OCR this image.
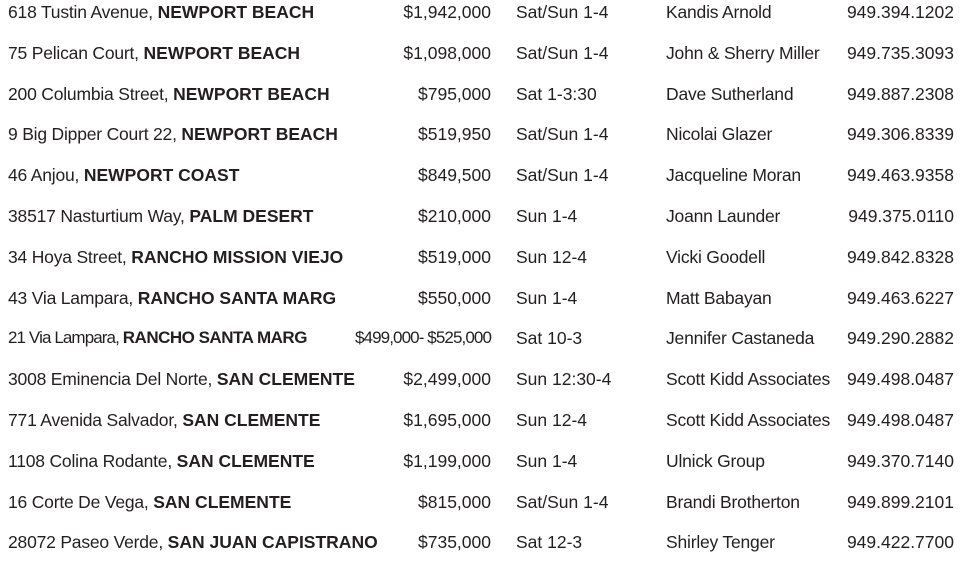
618 Tustin Avenue, NEWPORT BEACH	$1,942,000 Sat/Sun 1-4	Kandis Arnold	949.394.1202
75 Pelican Court, NEWPORT BEACH	$1,098,000 Sat/Sun 1-4	John & Sherry Miller 949.735.3093
200 Columbia Street, NEWPORT BEACH	$795,000 Sat 1-3:30	Dave Sutherland	949.887.2308
9 Big Dipper Court 22, NEWPORT BEACH	$519,950 Sat/Sun 1-4	Nicolai Glazer	949.306.8339
46 Anjou, NEWPORT COAST	$849,500 Sat/Sun 1-4	Jacqueline Moran	949.463.9358
38517 Nasturtium Way, PALM DESERT	$210,000 Sun 1-4	Joann Launder	949.375.0110
34 Hoya Street, RANCHO MISSION VIEJO	$519,000 Sun 12-4	Vicki Goodell	949.842.8328
43 Via Lampara, RANCHO SANTA MARG	$550,000 Sun 1-4	Matt Babayan	949.463.6227
21 Via Lampara, RANCHO SANTA MARG	$499,000- $525,000 Sat 10-3	Jennifer Castaneda 949.290.2882
3008 Eminencia Del Norte, SAN CLEMENTE	$2,499,000 Sun 12:30-4	Scott Kidd Associates 949.498.0487
771 Avenida Salvador, SAN CLEMENTE	$1,695,000 Sun 12-4	Scott Kidd Associates 949.498.0487
1108 Colina Rodante, SAN CLEMENTE	$1,199,000 Sun 1-4	Ulnick Group	949.370.7140
16 Corte De Vega, SAN CLEMENTE	$815,000 Sat/Sun 1-4	Brandi Brotherton	949.899.2101
28072 Paseo Verde, SAN JUAN CAPISTRANO $735,000 Sat 12-3	Shirley Tenger	949.422.7700
